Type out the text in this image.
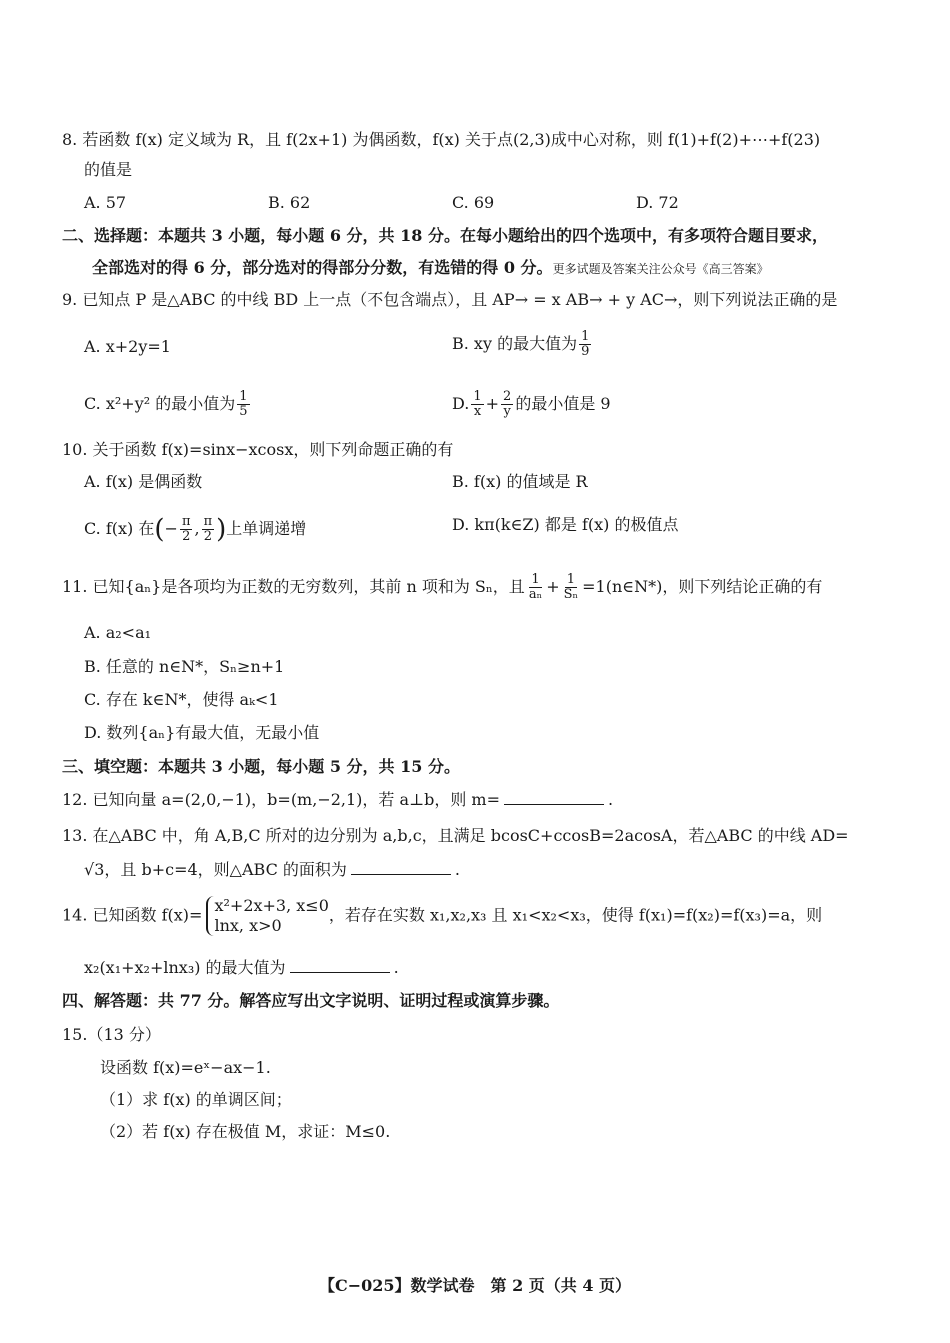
8. 若函数 f(x) 定义域为 R，且 f(2x+1) 为偶函数，f(x) 关于点(2,3)成中心对称，则 f(1)+f(2)+⋯+f(23)
的值是
A. 57	B. 62	C. 69	D. 72
二、选择题：本题共 3 小题，每小题 6 分，共 18 分。在每小题给出的四个选项中，有多项符合题目要求，
全部选对的得 6 分，部分选对的得部分分数，有选错的得 0 分。更多试题及答案关注公众号《高三答案》
9. 已知点 P 是△ABC 的中线 BD 上一点（不包含端点），且 AP→ = x AB→ + y AC→，则下列说法正确的是
A. x+2y=1	B. xy 的最大值为 $\frac{1}{9}$
C. x²+y² 的最小值为 $\frac{1}{5}$	D. $\frac{1}{x} + \frac{2}{y}$ 的最小值是 9
10. 关于函数 f(x)=sinx−xcosx，则下列命题正确的有
A. f(x) 是偶函数	B. f(x) 的值域是 R
C. f(x) 在(− $\frac{\pi}{2}$ , $\frac{\pi}{2}$ )上单调递增	D. kπ(k∈Z) 都是 f(x) 的极值点
11. 已知{aₙ}是各项均为正数的无穷数列，其前 n 项和为 Sₙ，且 $\frac{1}{\text{aₙ}} + \frac{1}{\text{Sₙ}}$ =1(n∈N*)，则下列结论正确的有
A. a₂<a₁
B. 任意的 n∈N*，Sₙ≥n+1
C. 存在 k∈N*，使得 aₖ<1
D. 数列{aₙ}有最大值，无最小值
三、填空题：本题共 3 小题，每小题 5 分，共 15 分。
12. 已知向量 a=(2,0,−1)，b=(m,−2,1)，若 a⊥b，则 m=	.
13. 在△ABC 中，角 A,B,C 所对的边分别为 a,b,c，且满足 bcosC+ccosB=2acosA，若△ABC 的中线 AD=
√3，且 b+c=4，则△ABC 的面积为	.
14. 已知函数 f(x)= x²+2x+3, x≤0
lnx, x>0
，若存在实数 x₁,x₂,x₃ 且 x₁<x₂<x₃，使得 f(x₁)=f(x₂)=f(x₃)=a，则
x₂(x₁+x₂+lnx₃) 的最大值为	.
四、解答题：共 77 分。解答应写出文字说明、证明过程或演算步骤。
15.（13 分）
设函数 f(x)=eˣ−ax−1.
（1）求 f(x) 的单调区间；
（2）若 f(x) 存在极值 M，求证：M≤0.
【C−025】数学试卷　第 2 页（共 4 页）
